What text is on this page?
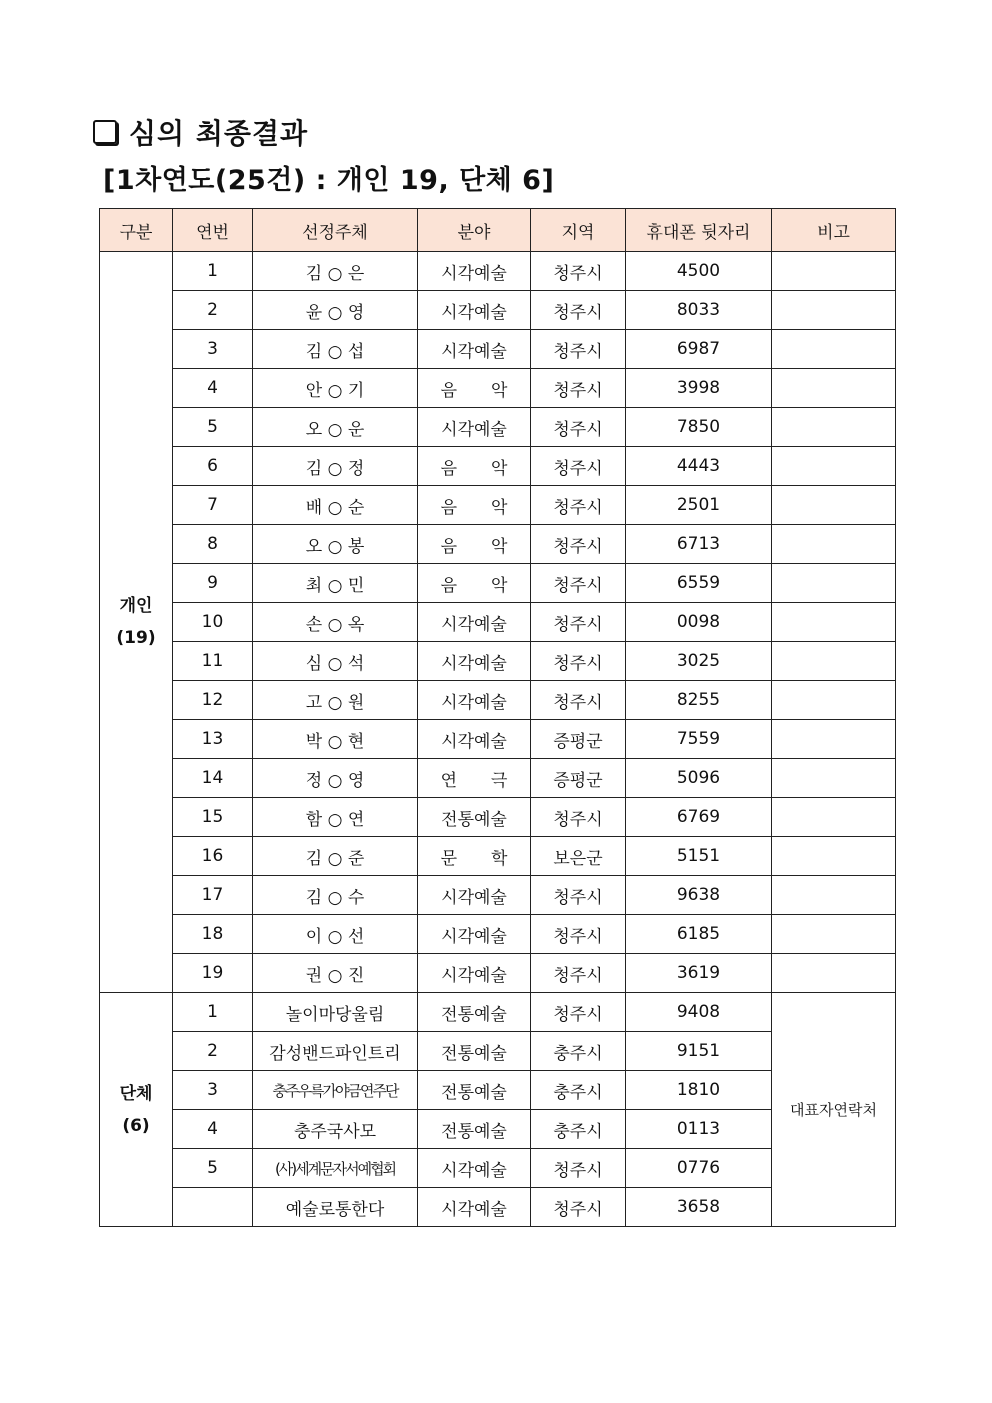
심의 최종결과
[1차연도(25건) : 개인 19, 단체 6]
구분	연번	선정주체	분야	지역	휴대폰 뒷자리	비고

개인
(19)	1	김 ○ 은	시각예술	청주시	4500	
	2	윤 ○ 영	시각예술	청주시	8033	
	3	김 ○ 섭	시각예술	청주시	6987	
	4	안 ○ 기	음　　악	청주시	3998	
	5	오 ○ 운	시각예술	청주시	7850	
	6	김 ○ 정	음　　악	청주시	4443	
	7	배 ○ 순	음　　악	청주시	2501	
	8	오 ○ 봉	음　　악	청주시	6713	
	9	최 ○ 민	음　　악	청주시	6559	
	10	손 ○ 옥	시각예술	청주시	0098	
	11	심 ○ 석	시각예술	청주시	3025	
	12	고 ○ 원	시각예술	청주시	8255	
	13	박 ○ 현	시각예술	증평군	7559	
	14	정 ○ 영	연　　극	증평군	5096	
	15	함 ○ 연	전통예술	청주시	6769	
	16	김 ○ 준	문　　학	보은군	5151	
	17	김 ○ 수	시각예술	청주시	9638	
	18	이 ○ 선	시각예술	청주시	6185	
	19	권 ○ 진	시각예술	청주시	3619	

단체
(6)	1	놀이마당울림	전통예술	청주시	9408	대표자연락처
	2	감성밴드파인트리	전통예술	충주시	9151	
	3	충주우륵가야금연주단	전통예술	충주시	1810	
	4	충주국사모	전통예술	충주시	0113	
	5	(사)세계문자서예협회	시각예술	청주시	0776	
		예술로통한다	시각예술	청주시	3658	
